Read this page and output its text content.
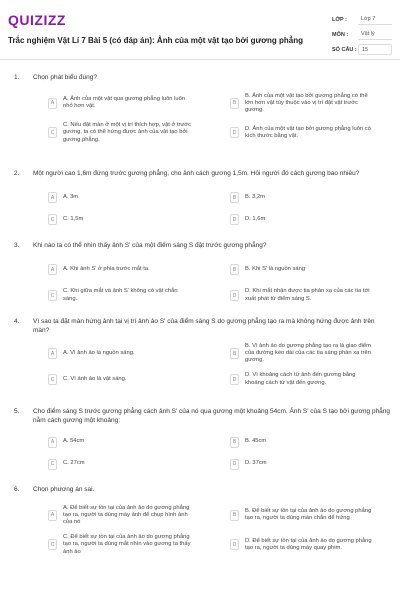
QUIZIZZ
Trắc nghiệm Vật Lí 7 Bài 5 (có đáp án): Ảnh của một vật tạo bởi gương phẳng
LỚP :	Lớp 7
MÔN :	Vật lý
SỐ CÂU : 15
1. Chọn phát biểu đúng?
A
A. Ảnh của một vật qua gương phẳng luôn luôn nhỏ hơn vật.	B
B. Ảnh của một vật tạo bởi gương phẳng có thể lớn hơn vật tùy thuộc vào vị trí đặt vật trước gương.
C
C. Nếu đặt màn ở một vị trí thích hợp, vật ở trước gương, ta có thể hứng được ảnh của vật tạo bởi gương phẳng.
D
D. Ảnh của một vật tạo bởi gương phẳng luôn có kích thước bằng vật.
2. Một người cao 1,6m đứng trước gương phẳng, cho ảnh cách gương 1,5m. Hỏi người đó cách gương bao nhiêu?
A	A. 3m	B	B. 3,2m
C	C. 1,5m	D	D. 1,6m
3. Khi nào ta có thể nhìn thấy ảnh S' của một điểm sáng S đặt trước gương phẳng?
A	A. Khi ảnh S' ở phía trước mắt ta.	B	B. Khi S' là nguồn sáng
C
C. Khi giữa mắt và ảnh S' không có vật chắn sáng.	D
D. Khi mắt nhận được tia phản xạ của các tia tới xuất phát từ điểm sáng S.
4. Vì sao ta đặt màn hứng ảnh tại vị trí ảnh ảo S' của điểm sáng S do gương phẳng tạo ra mà không hứng được ảnh trên màn?
A	A. Vì ảnh ảo là nguồn sáng.	B
B. Vì ảnh ảo do gương phẳng tạo ra là giao điểm của đường kéo dài của các tia sáng phản xạ trên gương.
C	C. Vì ảnh ảo là vật sáng.	D
D. Vì khoảng cách từ ảnh đến gương bằng khoảng cách từ vật đến gương.
5. Cho điểm sáng S trước gương phẳng cách ảnh S' của nó qua gương một khoảng 54cm. Ảnh S' của S tạo bởi gương phẳng nằm cách gương một khoảng:
A	A. 54cm	B	B. 45cm
C	C. 27cm	D	D. 37cm
6. Chọn phương án sai.
A
A. Để biết sự tồn tại của ảnh ảo do gương phẳng tạo ra, người ta dùng máy ảnh để chụp hình ảnh của nó
B
B. Để biết sự tồn tại của ảnh ảo do gương phẳng tạo ra, người ta dùng màn chắn để hứng
C
C. Để biết sự tồn tại của ảnh ảo do gương phẳng tạo ra, người ta dùng mắt nhìn vào gương ta thấy ảnh ảo
D
D. Để biết sự tồn tại của ảnh ảo do gương phẳng tạo ra, người ta dùng máy quay phim.
